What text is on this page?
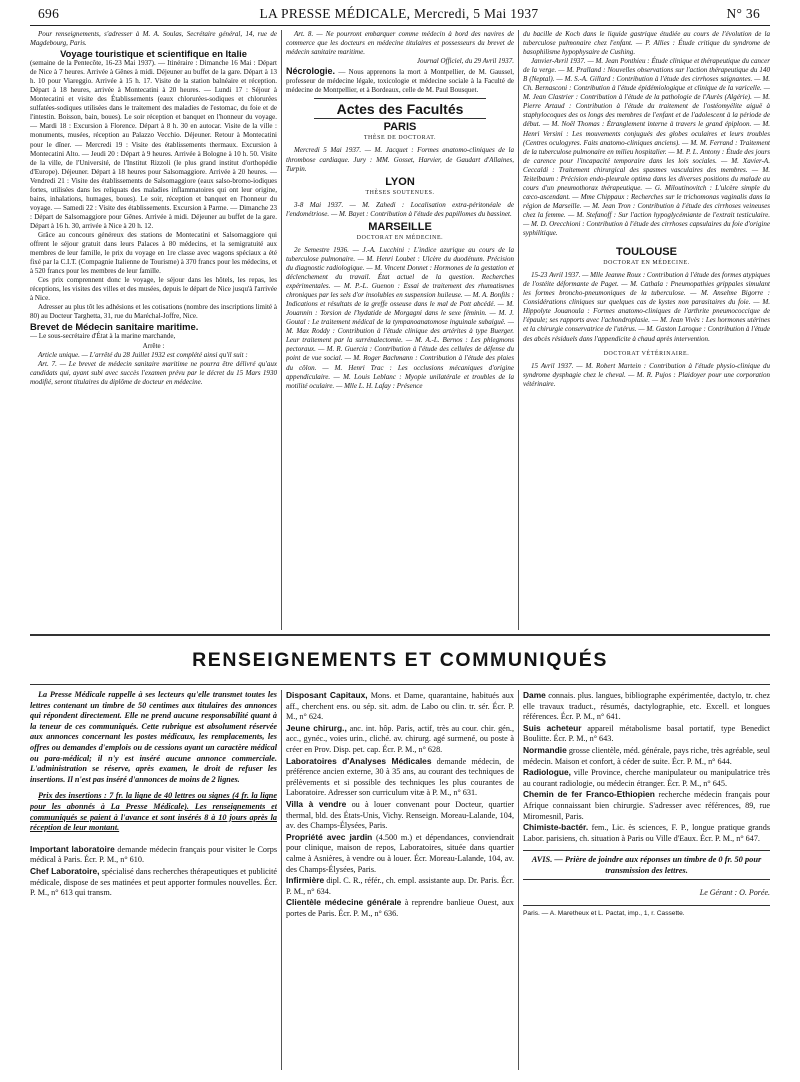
696	LA PRESSE MÉDICALE, Mercredi, 5 Mai 1937	N° 36

Pour renseignements, s'adresser à M. A. Soulas, Secrétaire général, 14, rue de Magdebourg, Paris.

Voyage touristique et scientifique en Italie

(semaine de la Pentecôte, 16-23 Mai 1937). — Itinéraire : Dimanche 16 Mai : Départ de Nice à 7 heures. Arrivée à Gênes à midi. Déjeuner au buffet de la gare. Départ à 13 h. 10 pour Viareggio. Arrivée à 15 h. 17. Visite de la station balnéaire et réception. Départ à 18 heures, arrivée à Montecatini à 20 heures. — Lundi 17 : Séjour à Montecatini et visite des Établissements (eaux chlorurées-sodiques et chlorurées sulfatées-sodiques utilisées dans le traitement des maladies de l'estomac, du foie et de l'intestin. Boisson, bain, boues). Le soir réception et banquet en l'honneur du voyage. — Mardi 18 : Excursion à Florence. Départ à 8 h. 30 en autocar. Visite de la ville : monuments, musées, réception au Palazzo Vecchio. Déjeuner. Retour à Montecatini pour le dîner. — Mercredi 19 : Visite des établissements thermaux. Excursion à Montecatini Alto. — Jeudi 20 : Départ à 9 heures. Arrivée à Bologne à 10 h. 50. Visite de la ville, de l'Université, de l'Institut Rizzoli (le plus grand institut d'orthopédie d'Europe). Déjeuner. Départ à 18 heures pour Salsomaggiore. Arrivée à 20 heures. — Vendredi 21 : Visite des établissements de Salsomaggiore (eaux salso-bromo-iodiques fortes, utilisées dans les reliquats des maladies inflammatoires qui ont leur origine, bains, inhalations, humages, boues). Le soir, réception et banquet en l'honneur du voyage. — Samedi 22 : Visite des établissements. Excursion à Parme. — Dimanche 23 : Départ de Salsomaggiore pour Gênes. Arrivée à midi. Déjeuner au buffet de la gare. Départ à 16 h. 30, arrivée à Nice à 20 h. 12.

Grâce au concours généreux des stations de Montecatini et Salsomaggiore qui offrent le séjour gratuit dans leurs Palaces à 80 médecins, et la semigratuité aux membres de leur famille, le prix du voyage en 1re classe avec wagons spéciaux a été fixé par la C.I.T. (Compagnie Italienne de Tourisme) à 370 francs pour les médecins, et à 520 francs pour les membres de leur famille.

Ces prix comprennent donc le voyage, le séjour dans les hôtels, les repas, les réceptions, les visites des villes et des musées, depuis le départ de Nice jusqu'à l'arrivée à Nice.

Adresser au plus tôt les adhésions et les cotisations (nombre des inscriptions limité à 80) au Docteur Targhetta, 31, rue du Maréchal-Joffre, Nice.

Brevet de Médecin sanitaire maritime.

— Le sous-secrétaire d'État à la marine marchande,

Arrête :

Article unique. — L'arrêté du 28 Juillet 1932 est complété ainsi qu'il suit :

Art. 7. — Le brevet de médecin sanitaire maritime ne pourra être délivré qu'aux candidats qui, ayant subi avec succès l'examen prévu par le décret du 15 Mars 1930 modifié, seront titulaires du diplôme de docteur en médecine.

Art. 8. — Ne pourront embarquer comme médecin à bord des navires de commerce que les docteurs en médecine titulaires et possesseurs du brevet de médecin sanitaire maritime.

Journal Officiel, du 29 Avril 1937.

Nécrologie. — Nous apprenons la mort à Montpellier, de M. Gaussel, professeur de médecine légale, toxicologie et médecine sociale à la Faculté de médecine de Montpellier, et à Bordeaux, celle de M. Paul Bousquet.

Actes des Facultés
PARIS
THÈSE DE DOCTORAT.

Mercredi 5 Mai 1937. — M. Jacquet : Formes anatomo-cliniques de la thrombose cardiaque. Jury : MM. Gosset, Harvier, de Gaudart d'Allaines, Turpin.

LYON
THÈSES SOUTENUES.

3-8 Mai 1937. — M. Zahedi : Localisation extra-péritonéale de l'endométriose. — M. Bayet : Contribution à l'étude des papillomes du bassinet.

MARSEILLE
DOCTORAT EN MÉDECINE.

2e Semestre 1936. — J.-A. Lucchini : L'indice azurique au cours de la tuberculose pulmonaire. — M. Henri Loubet : Ulcère du duodénum. Précision du diagnostic radiologique. — M. Vincent Donnet : Hormones de la gestation et déclenchement du travail. État actuel de la question. Recherches expérimentales. — M. P.-L. Guenon : Essai de traitement des rhumatismes chroniques par les sels d'or insolubles en suspension huileuse. — M. A. Bonfils : Indications et résultats de la greffe osseuse dans le mal de Pott abcédé. — M. Jouannin : Torsion de l'hydatide de Morgagni dans le sexe féminin. — M. J. Goutal : Le traitement médical de la tympanoanatomose inguinale subaiguë. — M. Max Roddy : Contribution à l'étude clinique des artérites à type Buerger. Leur traitement par la surrénalectomie. — M. A.-L. Bernos : Les phlegmons pectoraux. — M. R. Guercia : Contribution à l'étude des cellules de défense du point de vue social. — M. Roger Bachmann : Contribution à l'étude des plaies du côlon. — M. Henri Trac : Les occlusions mécaniques d'origine appendiculaire. — M. Louis Leblanc : Myopie unilatérale et troubles de la motilité oculaire. — Mlle L. H. Lafay : Présence

du bacille de Koch dans le liquide gastrique étudiée au cours de l'évolution de la tuberculose pulmonaire chez l'enfant. — P. Allies : Étude critique du syndrome de basophilisme hypophysaire de Cushing.

Janvier-Avril 1937. — M. Jean Ponthieu : Étude clinique et thérapeutique du cancer de la verge. — M. Pralland : Nouvelles observations sur l'action thérapeutique du 140 B (Neptal). — M. S.-A. Gillard : Contribution à l'étude des cirrhoses saignantes. — M. Ch. Bernasconi : Contribution à l'étude épidémiologique et clinique de la varicelle. — M. Jean Clastrier : Contribution à l'étude de la pathologie de l'Aurès (Algérie). — M. Pierre Artaud : Contribution à l'étude du traitement de l'ostéomyélite aiguë à staphylocoques des os longs des membres de l'enfant et de l'adolescent à la période de début. — M. Noël Thomas : Étranglement interne à travers le grand épiploon. — M. Henri Versini : Les mouvements conjugués des globes oculaires et leurs troubles (Centres oculogyres. Faits anatomo-cliniques anciens). — M. M. Ferrand : Traitement de la tuberculose pulmonaire en milieu hospitalier. — M. P. L. Antony : Étude des jours de carence pour l'incapacité temporaire dans les lois sociales. — M. Xavier-A. Ceccaldi : Traitement chirurgical des spasmes vasculaires des membres. — M. Teitelbaum : Précision endo-pleurale optima dans les diverses positions du malade au cours d'un pneumothorax thérapeutique. — G. Miloutinovitch : L'ulcère simple du cæco-ascendant. — Mme Chippaux : Recherches sur le trichomonas vaginalis dans la région de Marseille. — M. Jean Tron : Contribution à l'étude des cirrhoses veineuses chez la femme. — M. Stefanoff : Sur l'action hypoglycémiante de l'extrait testiculaire. — M. D. Orecchioni : Contribution à l'étude des cirrhoses capsulaires du foie d'origine syphilitique.

TOULOUSE
DOCTORAT EN MÉDECINE.

15-23 Avril 1937. — Mlle Jeanne Roux : Contribution à l'étude des formes atypiques de l'ostéite déformante de Paget. — M. Cathala : Pneumopathies grippales simulant les formes broncho-pneumoniques de la tuberculose. — M. Anselme Bigorre : Considérations cliniques sur quelques cas de kystes non parasitaires du foie. — M. Hippolyte Jouanoula : Formes anatomo-cliniques de l'arthrite pneumococcique de l'épaule; ses rapports avec l'achondroplasie. — M. Jean Vivès : Les hormones utérines et la chirurgie conservatrice de l'utérus. — M. Gaston Laroque : Contribution à l'étude des abcès résiduels dans l'appendicite à chaud après intervention.

DOCTORAT VÉTÉRINAIRE.

15 Avril 1937. — M. Robert Martein : Contribution à l'étude physio-clinique du syndrome dysphagie chez le cheval. — M. R. Pujos : Plaidoyer pour une corporation vétérinaire.

RENSEIGNEMENTS ET COMMUNIQUÉS

La Presse Médicale rappelle à ses lecteurs qu'elle transmet toutes les lettres contenant un timbre de 50 centimes aux titulaires des annonces qui répondent directement. Elle ne prend aucune responsabilité quant à la teneur de ces communiqués. Cette rubrique est absolument réservée aux annonces concernant les postes médicaux, les remplacements, les offres ou demandes d'emplois ou de cessions ayant un caractère médical ou para-médical; il n'y est inséré aucune annonce commerciale. L'administration se réserve, après examen, le droit de refuser les insertions. Il n'est pas inséré d'annonces de moins de 2 lignes.

Prix des insertions : 7 fr. la ligne de 40 lettres ou signes (4 fr. la ligne pour les abonnés à La Presse Médicale). Les renseignements et communiqués se paient à l'avance et sont insérés 8 à 10 jours après la réception de leur montant.

Important laboratoire demande médecin français pour visiter le Corps médical à Paris. Écr. P. M., n° 610.

Chef Laboratoire, spécialisé dans recherches thérapeutiques et publicité médicale, dispose de ses matinées et peut apporter formules nouvelles. Écr. P. M., n° 613 qui transm.

Disposant Capitaux, Mons. et Dame, quarantaine, habitués aux aff., cherchent ens. ou sép. sit. adm. de Labo ou clin. tr. sér. Écr. P. M., n° 624.

Jeune chirurg., anc. int. hôp. Paris, actif, très au cour. chir. gén., acc., gynéc., voies urin., cliché. av. chirurg. agé surmené, ou poste à créer en Prov. Disp. pet. cap. Écr. P. M., n° 628.

Laboratoires d'Analyses Médicales demande médecin, de préférence ancien externe, 30 à 35 ans, au courant des techniques de prélèvements et si possible des techniques les plus courantes de Laboratoire. Adresser son curriculum vitæ à P. M., n° 631.

Villa à vendre ou à louer convenant pour Docteur, quartier thermal, bld. des États-Unis, Vichy. Renseign. Moreau-Lalande, 104, av. des Champs-Élysées, Paris.

Propriété avec jardin (4.500 m.) et dépendances, conviendrait pour clinique, maison de repos, Laboratoires, située dans quartier calme à Asnières, à vendre ou à louer. Écr. Moreau-Lalande, 104, av. des Champs-Élysées, Paris.

Infirmière dipl. C. R., référ., ch. empl. assistante aup. Dr. Paris. Écr. P. M., n° 634.

Clientèle médecine générale à reprendre banlieue Ouest, aux portes de Paris. Écr. P. M., n° 636.

Dame connais. plus. langues, bibliographe expérimentée, dactylo, tr. chez elle travaux traduct., résumés, dactylographie, etc. Excell. et longues références. Écr. P. M., n° 641.

Suis acheteur appareil métabolisme basal portatif, type Benedict Boulitte. Écr. P. M., n° 643.

Normandie grosse clientèle, méd. générale, pays riche, très agréable, seul médecin. Maison et confort, à céder de suite. Écr. P. M., n° 644.

Radiologue, ville Province, cherche manipulateur ou manipulatrice très au courant radiologie, ou médecin étranger. Écr. P. M., n° 645.

Chemin de fer Franco-Ethiopien recherche médecin français pour Afrique connaissant bien chirurgie. S'adresser avec références, 89, rue Miromesnil, Paris.

Chimiste-bactér. fem., Lic. ès sciences, F. P., longue pratique grands Labor. parisiens, ch. situation à Paris ou Ville d'Eaux. Écr. P. M., n° 647.

AVIS. — Prière de joindre aux réponses un timbre de 0 fr. 50 pour transmission des lettres.
Le Gérant : O. Porée.
Paris. — A. Maretheux et L. Pactat, imp., 1, r. Cassette.
